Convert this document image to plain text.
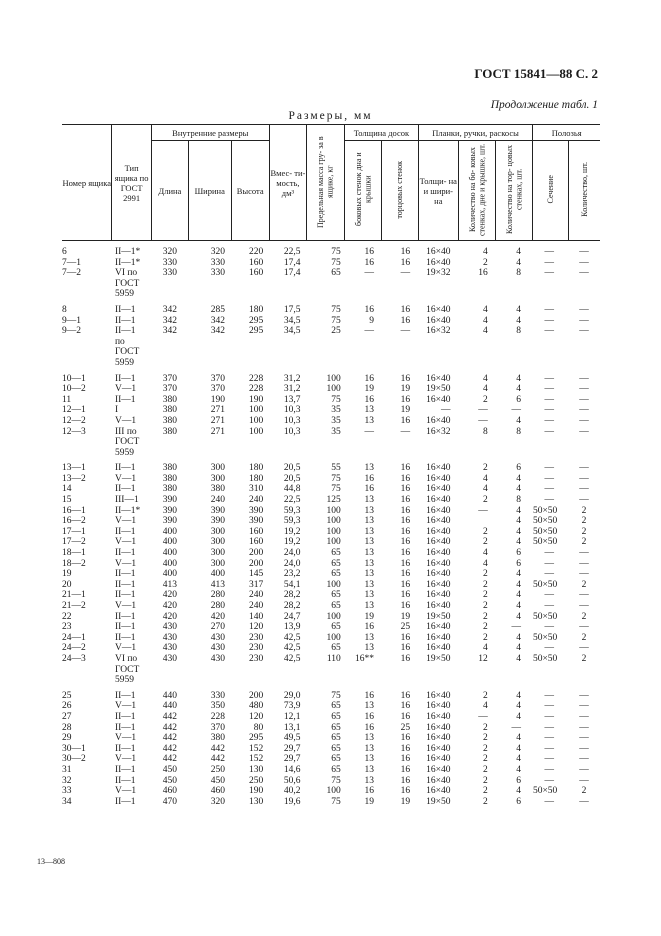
ГОСТ 15841—88 С. 2
Продолжение табл. 1
Размеры, мм
Номер ящика	Тип ящика по ГОСТ 2991	Внутренние размеры			Вмес- ти- мость, дм³	Предельная масса гру- за в ящике, кг	Толщина досок		Планки, ручки, раскосы			Полозья	
		Длина	Ширина	Высота			боковых стенок дна и крышки	торцовых стенок	Толщи- на и шири- на	Количество на бо- ковых стенках, дне и крышке, шт.	Количество на тор- цовых стенках, шт.	Сечение	Количество, шт.
6	II—1*	320	320	220	22,5	75	16	16	16×40	4	4	—	—
7—1	II—1*	330	330	160	17,4	75	16	16	16×40	2	4	—	—
7—2	VI по	330	330	160	17,4	65	—	—	19×32	16	8	—	—
	ГОСТ												
	5959												
8	II—1	342	285	180	17,5	75	16	16	16×40	4	4	—	—
9—1	II—1	342	342	295	34,5	75	9	16	16×40	4	4	—	—
9—2	II—1	342	342	295	34,5	25	—	—	16×32	4	8	—	—
	по												
	ГОСТ												
	5959												
10—1	II—1	370	370	228	31,2	100	16	16	16×40	4	4	—	—
10—2	V—1	370	370	228	31,2	100	19	19	19×50	4	4	—	—
11	II—1	380	190	190	13,7	75	16	16	16×40	2	6	—	—
12—1	I	380	271	100	10,3	35	13	19	—	—	—	—	—
12—2	V—1	380	271	100	10,3	35	13	16	16×40	—	4	—	—
12—3	III по	380	271	100	10,3	35	—	—	16×32	8	8	—	—
	ГОСТ												
	5959												
13—1	II—1	380	300	180	20,5	55	13	16	16×40	2	6	—	—
13—2	V—1	380	300	180	20,5	75	16	16	16×40	4	4	—	—
14	II—1	380	380	310	44,8	75	16	16	16×40	4	4	—	—
15	III—1	390	240	240	22,5	125	13	16	16×40	2	8	—	—
16—1	II—1*	390	390	390	59,3	100	13	16	16×40	—	4	50×50	2
16—2	V—1	390	390	390	59,3	100	13	16	16×40		4	50×50	2
17—1	II—1	400	300	160	19,2	100	13	16	16×40	2	4	50×50	2
17—2	V—1	400	300	160	19,2	100	13	16	16×40	2	4	50×50	2
18—1	II—1	400	300	200	24,0	65	13	16	16×40	4	6	—	—
18—2	V—1	400	300	200	24,0	65	13	16	16×40	4	6	—	—
19	II—1	400	400	145	23,2	65	13	16	16×40	2	4	—	—
20	II—1	413	413	317	54,1	100	13	16	16×40	2	4	50×50	2
21—1	II—1	420	280	240	28,2	65	13	16	16×40	2	4	—	—
21—2	V—1	420	280	240	28,2	65	13	16	16×40	2	4	—	—
22	II—1	420	420	140	24,7	100	19	19	19×50	2	4	50×50	2
23	II—1	430	270	120	13,9	65	16	25	16×40	2	—	—	—
24—1	II—1	430	430	230	42,5	100	13	16	16×40	2	4	50×50	2
24—2	V—1	430	430	230	42,5	65	13	16	16×40	4	4	—	—
24—3	VI по	430	430	230	42,5	110	16**	16	19×50	12	4	50×50	2
	ГОСТ												
	5959												
25	II—1	440	330	200	29,0	75	16	16	16×40	2	4	—	—
26	V—1	440	350	480	73,9	65	13	16	16×40	4	4	—	—
27	II—1	442	228	120	12,1	65	16	16	16×40	—	4	—	—
28	II—1	442	370	80	13,1	65	16	25	16×40	2	—	—	—
29	V—1	442	380	295	49,5	65	13	16	16×40	2	4	—	—
30—1	II—1	442	442	152	29,7	65	13	16	16×40	2	4	—	—
30—2	V—1	442	442	152	29,7	65	13	16	16×40	2	4	—	—
31	II—1	450	250	130	14,6	65	13	16	16×40	2	4	—	—
32	II—1	450	450	250	50,6	75	13	16	16×40	2	6	—	—
33	V—1	460	460	190	40,2	100	16	16	16×40	2	4	50×50	2
34	II—1	470	320	130	19,6	75	19	19	19×50	2	6	—	—
13—808
